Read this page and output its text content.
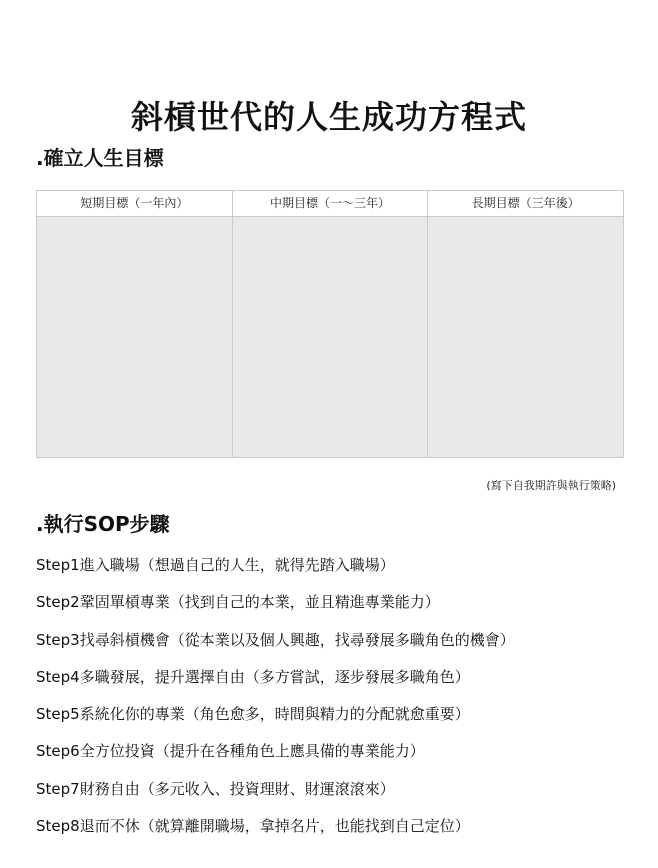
斜槓世代的人生成功方程式
.確立人生目標
短期目標（一年內）	中期目標（一～三年）	長期目標（三年後）
(寫下自我期許與執行策略)
.執行SOP步驟
Step1進入職場（想過自己的人生，就得先踏入職場）
Step2鞏固單槓專業（找到自己的本業，並且精進專業能力）
Step3找尋斜槓機會（從本業以及個人興趣，找尋發展多職角色的機會）
Step4多職發展，提升選擇自由（多方嘗試，逐步發展多職角色）
Step5系統化你的專業（角色愈多，時間與精力的分配就愈重要）
Step6全方位投資（提升在各種角色上應具備的專業能力）
Step7財務自由（多元收入、投資理財、財運滾滾來）
Step8退而不休（就算離開職場，拿掉名片，也能找到自己定位）
